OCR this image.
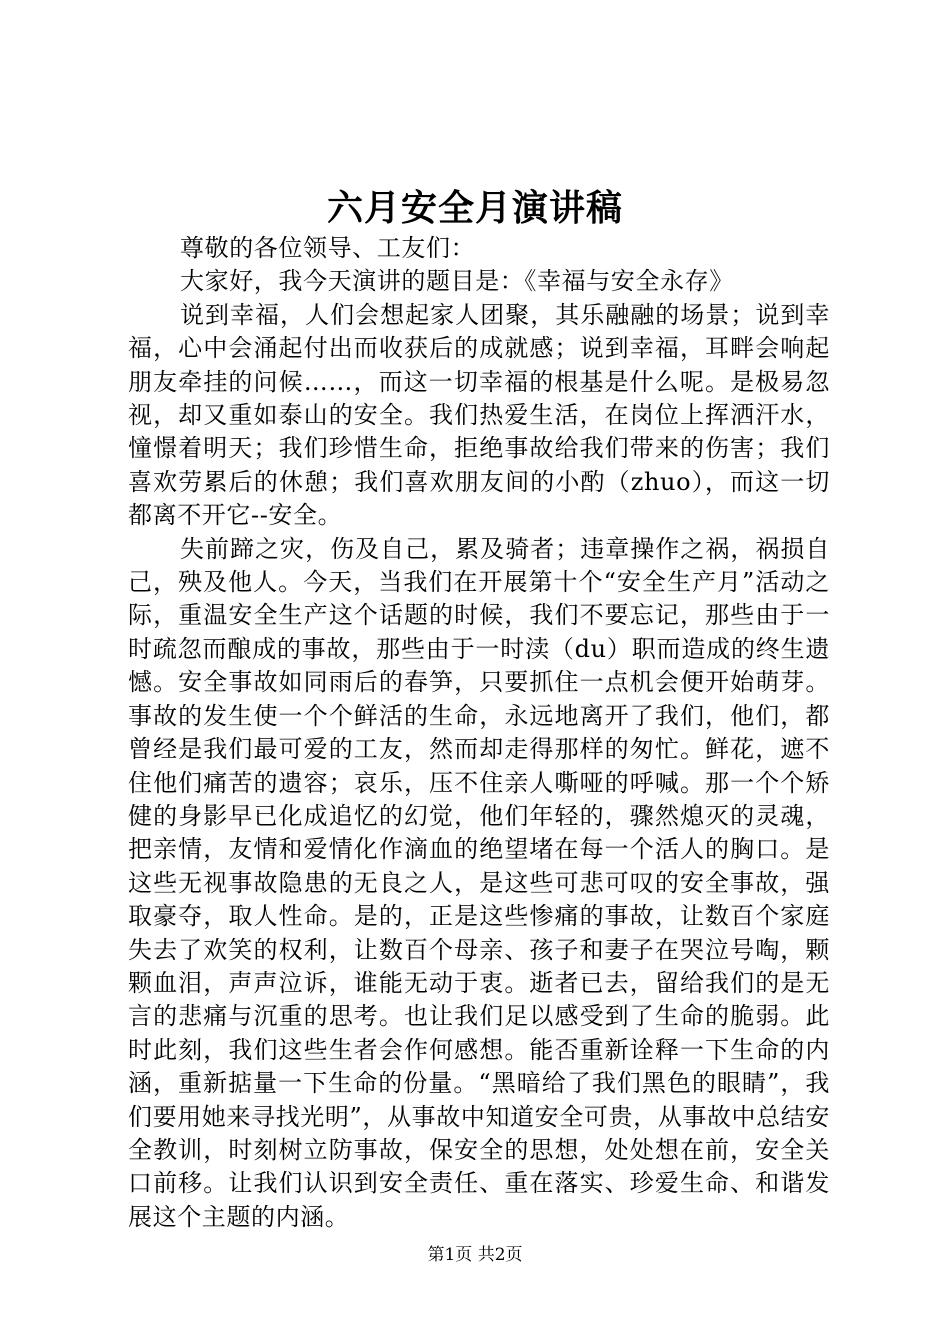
六月安全月演讲稿

尊敬的各位领导、工友们：

大家好，我今天演讲的题目是：《幸福与安全永存》

说到幸福，人们会想起家人团聚，其乐融融的场景；说到幸福，心中会涌起付出而收获后的成就感；说到幸福，耳畔会响起朋友牵挂的问候……，而这一切幸福的根基是什么呢。是极易忽视，却又重如泰山的安全。我们热爱生活，在岗位上挥洒汗水，憧憬着明天；我们珍惜生命，拒绝事故给我们带来的伤害；我们喜欢劳累后的休憩；我们喜欢朋友间的小酌（zhuo），而这一切都离不开它--安全。

失前蹄之灾，伤及自己，累及骑者；违章操作之祸，祸损自己，殃及他人。今天，当我们在开展第十个“安全生产月”活动之际，重温安全生产这个话题的时候，我们不要忘记，那些由于一时疏忽而酿成的事故，那些由于一时渎（du）职而造成的终生遗憾。安全事故如同雨后的春笋，只要抓住一点机会便开始萌芽。事故的发生使一个个鲜活的生命，永远地离开了我们，他们，都曾经是我们最可爱的工友，然而却走得那样的匆忙。鲜花，遮不住他们痛苦的遗容；哀乐，压不住亲人嘶哑的呼喊。那一个个矫健的身影早已化成追忆的幻觉，他们年轻的，骤然熄灭的灵魂，把亲情，友情和爱情化作滴血的绝望堵在每一个活人的胸口。是这些无视事故隐患的无良之人，是这些可悲可叹的安全事故，强取豪夺，取人性命。是的，正是这些惨痛的事故，让数百个家庭失去了欢笑的权利，让数百个母亲、孩子和妻子在哭泣号啕，颗颗血泪，声声泣诉，谁能无动于衷。逝者已去，留给我们的是无言的悲痛与沉重的思考。也让我们足以感受到了生命的脆弱。此时此刻，我们这些生者会作何感想。能否重新诠释一下生命的内涵，重新掂量一下生命的份量。“黑暗给了我们黑色的眼睛”，我们要用她来寻找光明”，从事故中知道安全可贵，从事故中总结安全教训，时刻树立防事故，保安全的思想，处处想在前，安全关口前移。让我们认识到安全责任、重在落实、珍爱生命、和谐发展这个主题的内涵。

第1页 共2页
